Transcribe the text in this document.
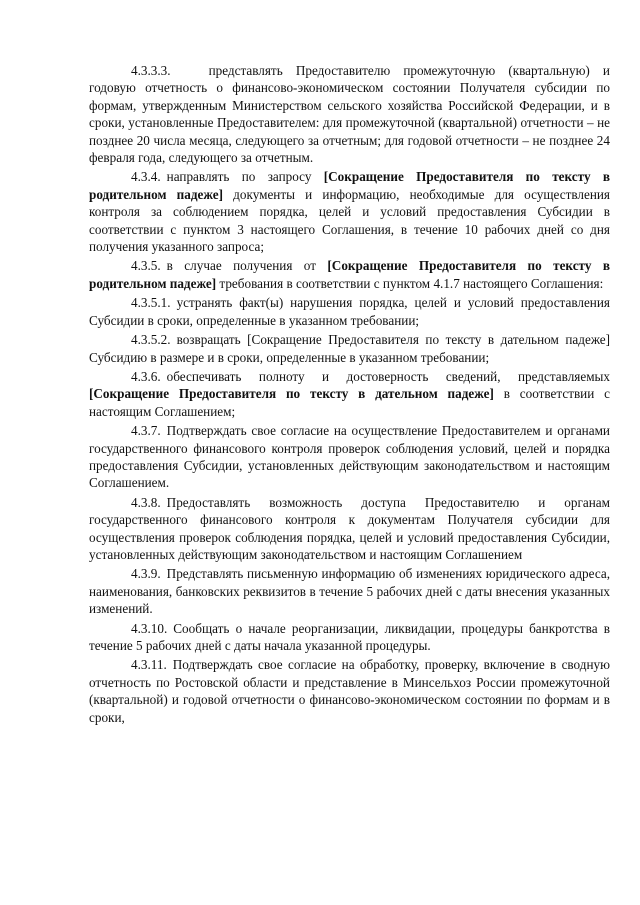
4.3.3.3.	представлять Предоставителю промежуточную (квартальную) и годовую отчетность о финансово-экономическом состоянии Получателя субсидии по формам, утвержденным Министерством сельского хозяйства Российской Федерации, и в сроки, установленные Предоставителем: для промежуточной (квартальной) отчетности – не позднее 20 числа месяца, следующего за отчетным; для годовой отчетности – не позднее 24 февраля года, следующего за отчетным.

4.3.4. направлять по запросу [Сокращение Предоставителя по тексту в родительном падеже] документы и информацию, необходимые для осуществления контроля за соблюдением порядка, целей и условий предоставления Субсидии в соответствии с пунктом 3 настоящего Соглашения, в течение 10 рабочих дней со дня получения указанного запроса;

4.3.5. в случае получения от [Сокращение Предоставителя по тексту в родительном падеже] требования в соответствии с пунктом 4.1.7 настоящего Соглашения:

4.3.5.1. устранять факт(ы) нарушения порядка, целей и условий предоставления Субсидии в сроки, определенные в указанном требовании;

4.3.5.2. возвращать [Сокращение Предоставителя по тексту в дательном падеже] Субсидию в размере и в сроки, определенные в указанном требовании;

4.3.6. обеспечивать полноту и достоверность сведений, представляемых [Сокращение Предоставителя по тексту в дательном падеже] в соответствии с настоящим Соглашением;

4.3.7. Подтверждать свое согласие на осуществление Предоставителем и органами государственного финансового контроля проверок соблюдения условий, целей и порядка предоставления Субсидии, установленных действующим законодательством и настоящим Соглашением.

4.3.8. Предоставлять возможность доступа Предоставителю и органам государственного финансового контроля к документам Получателя субсидии для осуществления проверок соблюдения порядка, целей и условий предоставления Субсидии, установленных действующим законодательством и настоящим Соглашением

4.3.9. Представлять письменную информацию об изменениях юридического адреса, наименования, банковских реквизитов в течение 5 рабочих дней с даты внесения указанных изменений.

4.3.10. Сообщать о начале реорганизации, ликвидации, процедуры банкротства в течение 5 рабочих дней с даты начала указанной процедуры.

4.3.11. Подтверждать свое согласие на обработку, проверку, включение в сводную отчетность по Ростовской области и представление в Минсельхоз России промежуточной (квартальной) и годовой отчетности о финансово-экономическом состоянии по формам и в сроки,
